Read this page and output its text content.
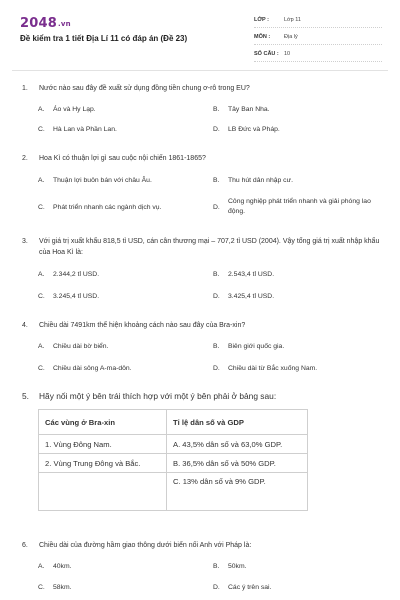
2048.vn
Đề kiểm tra 1 tiết Địa Lí 11 có đáp án (Đề 23)
LỚP :	Lớp 11
MÔN :	Địa lý
SỐ CÂU : 10
1. Nước nào sau đây đề xuất sử dụng đồng tiền chung ơ-rô trong EU?
A. Áo và Hy Lạp.	B. Tây Ban Nha.
C. Hà Lan và Phần Lan.	D. LB Đức và Pháp.
2. Hoa Kì có thuận lợi gì sau cuộc nội chiến 1861-1865?
A. Thuận lợi buôn bán với châu Âu.	B. Thu hút dân nhập cư.
C. Phát triển nhanh các ngành dịch vụ.	D.
Công nghiệp phát triển nhanh và giải phóng lao động.
3. Với giá trị xuất khẩu 818,5 tỉ USD, cán cân thương mại – 707,2 tỉ USD (2004). Vậy tổng giá trị xuất nhập khẩu của Hoa Kì là:
A. 2.344,2 tỉ USD.	B. 2.543,4 tỉ USD.
C. 3.245,4 tỉ USD.	D. 3.425,4 tỉ USD.
4. Chiều dài 7491km thể hiện khoảng cách nào sau đây của Bra-xin?
A. Chiều dài bờ biển.	B. Biên giới quốc gia.
C. Chiều dài sông A-ma-dôn.	D. Chiều dài từ Bắc xuống Nam.
5. Hãy nối một ý bên trái thích hợp với một ý bên phải ở bảng sau:
Các vùng ở Bra-xin	Tỉ lệ dân số và GDP
1. Vùng Đông Nam.	A. 43,5% dân số và 63,0% GDP.
2. Vùng Trung Đông và Bắc.	B. 36,5% dân số và 50% GDP.
	C. 13% dân số và 9% GDP.
6. Chiều dài của đường hầm giao thông dưới biển nối Anh với Pháp là:
A. 40km.	B. 50km.
C. 58km.	D. Các ý trên sai.
